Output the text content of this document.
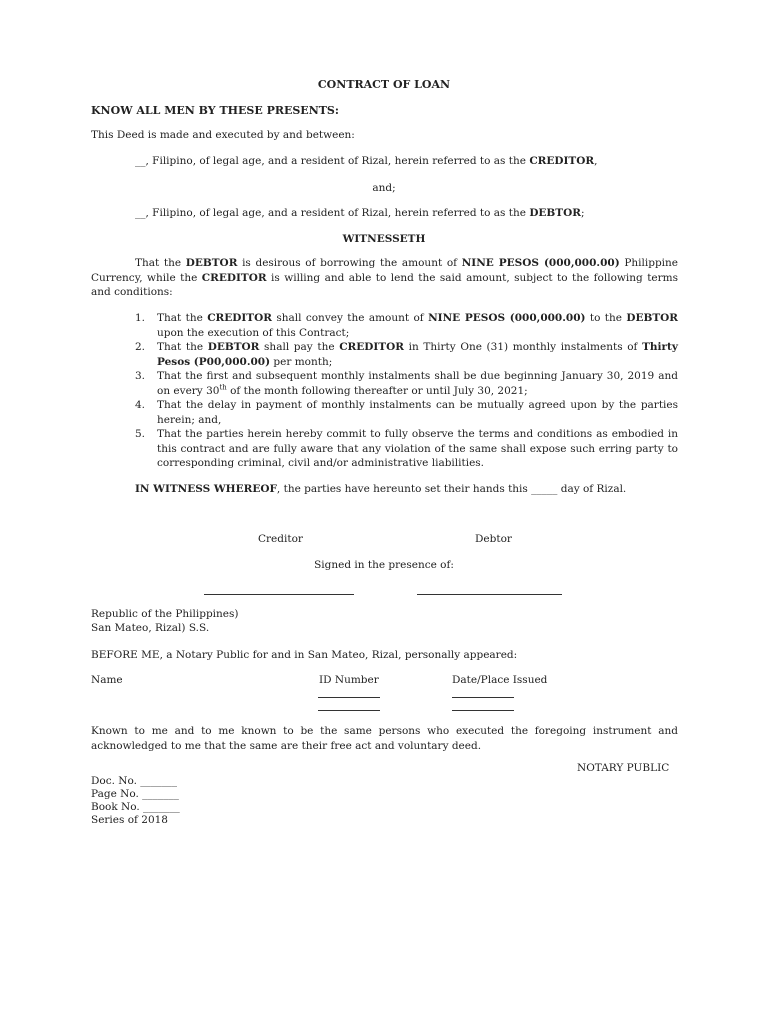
CONTRACT OF LOAN
KNOW ALL MEN BY THESE PRESENTS:
This Deed is made and executed by and between:
__, Filipino, of legal age, and a resident of Rizal, herein referred to as the CREDITOR,
and;
__, Filipino, of legal age, and a resident of Rizal, herein referred to as the DEBTOR;
WITNESSETH
That the DEBTOR is desirous of borrowing the amount of NINE PESOS (000,000.00) Philippine Currency, while the CREDITOR is willing and able to lend the said amount, subject to the following terms and conditions:
1. That the CREDITOR shall convey the amount of NINE PESOS (000,000.00) to the DEBTOR upon the execution of this Contract;
2. That the DEBTOR shall pay the CREDITOR in Thirty One (31) monthly instalments of Thirty Pesos (P00,000.00) per month;
3. That the first and subsequent monthly instalments shall be due beginning January 30, 2019 and on every 30th of the month following thereafter or until July 30, 2021;
4. That the delay in payment of monthly instalments can be mutually agreed upon by the parties herein; and,
5. That the parties herein hereby commit to fully observe the terms and conditions as embodied in this contract and are fully aware that any violation of the same shall expose such erring party to corresponding criminal, civil and/or administrative liabilities.
IN WITNESS WHEREOF, the parties have hereunto set their hands this _____ day of Rizal.
Creditor	Debtor
Signed in the presence of:
Republic of the Philippines)
San Mateo, Rizal) S.S.
BEFORE ME, a Notary Public for and in San Mateo, Rizal, personally appeared:
Name	ID Number	Date/Place Issued
Known to me and to me known to be the same persons who executed the foregoing instrument and acknowledged to me that the same are their free act and voluntary deed.
NOTARY PUBLIC
Doc. No. _______
Page No. _______
Book No. _______
Series of 2018
